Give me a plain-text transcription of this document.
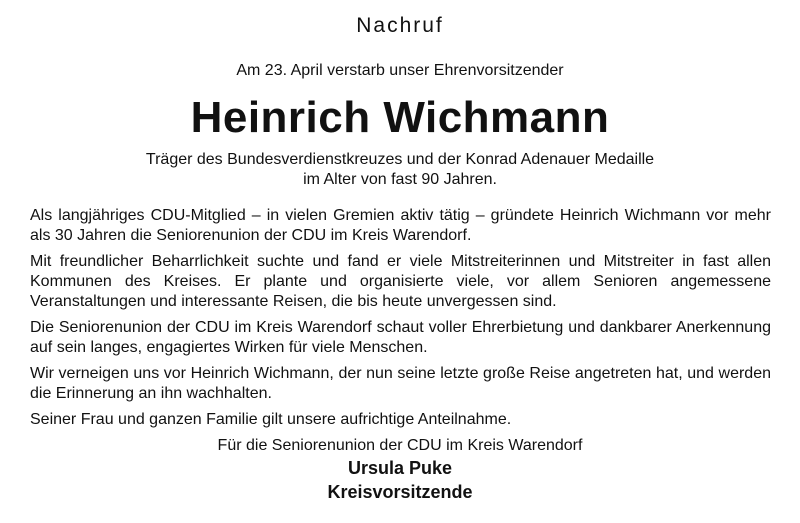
Nachruf
Am 23. April verstarb unser Ehrenvorsitzender
Heinrich Wichmann
Träger des Bundesverdienstkreuzes und der Konrad Adenauer Medaille
im Alter von fast 90 Jahren.

Als langjähriges CDU-Mitglied – in vielen Gremien aktiv tätig – gründete Heinrich Wichmann vor mehr als 30 Jahren die Seniorenunion der CDU im Kreis Warendorf.

Mit freundlicher Beharrlichkeit suchte und fand er viele Mitstreiterinnen und Mitstreiter in fast allen Kommunen des Kreises. Er plante und organisierte viele, vor allem Senioren angemessene Veranstaltungen und interessante Reisen, die bis heute unvergessen sind.

Die Seniorenunion der CDU im Kreis Warendorf schaut voller Ehrerbietung und dankbarer Anerkennung auf sein langes, engagiertes Wirken für viele Menschen.

Wir verneigen uns vor Heinrich Wichmann, der nun seine letzte große Reise angetreten hat, und werden die Erinnerung an ihn wachhalten.

Seiner Frau und ganzen Familie gilt unsere aufrichtige Anteilnahme.

Für die Seniorenunion der CDU im Kreis Warendorf
Ursula Puke
Kreisvorsitzende
